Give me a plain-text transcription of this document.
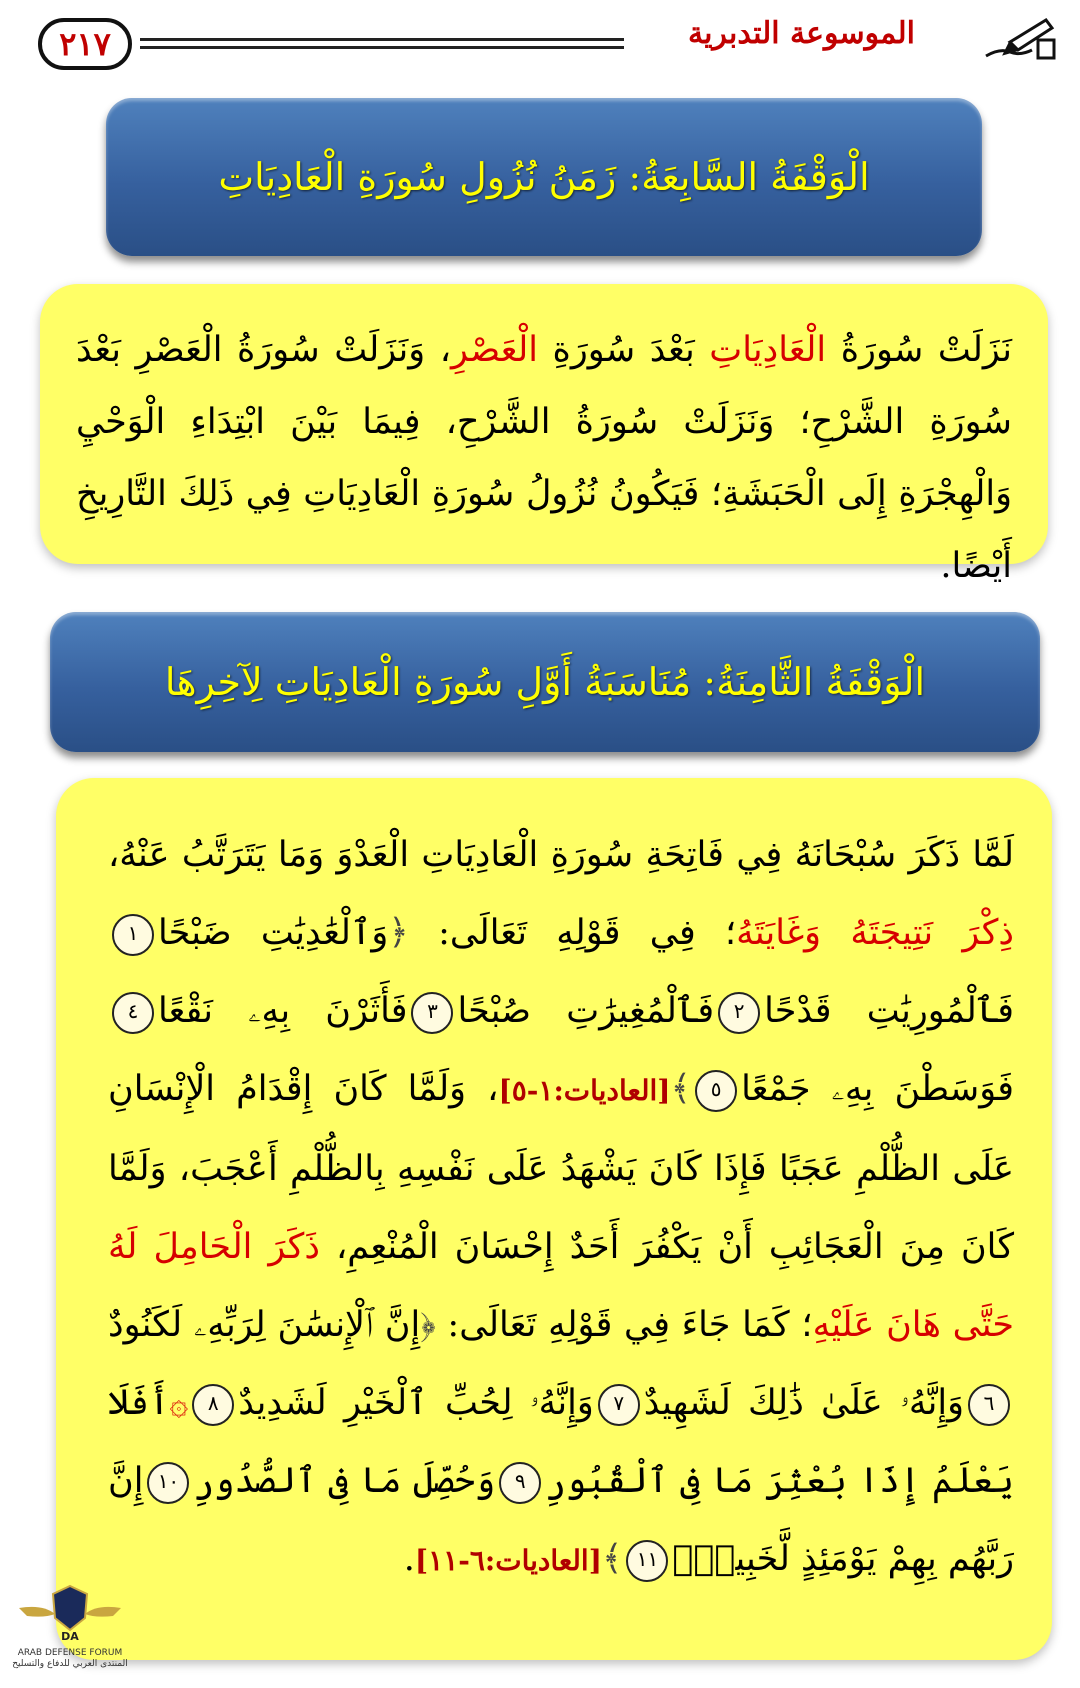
٢١٧	الموسوعة التدبرية
الْوَقْفَةُ السَّابِعَةُ: زَمَنُ نُزُولِ سُورَةِ الْعَادِيَاتِ
نَزَلَتْ سُورَةُ الْعَادِيَاتِ بَعْدَ سُورَةِ الْعَصْرِ، وَنَزَلَتْ سُورَةُ الْعَصْرِ بَعْدَ سُورَةِ الشَّرْحِ؛ وَنَزَلَتْ سُورَةُ الشَّرْحِ، فِيمَا بَيْنَ ابْتِدَاءِ الْوَحْيِ وَالْهِجْرَةِ إِلَى الْحَبَشَةِ؛ فَيَكُونُ نُزُولُ سُورَةِ الْعَادِيَاتِ فِي ذَلِكَ التَّارِيخِ أَيْضًا.
الْوَقْفَةُ الثَّامِنَةُ: مُنَاسَبَةُ أَوَّلِ سُورَةِ الْعَادِيَاتِ لِآخِرِهَا
لَمَّا ذَكَرَ سُبْحَانَهُ فِي فَاتِحَةِ سُورَةِ الْعَادِيَاتِ الْعَدْوَ وَمَا يَتَرَتَّبُ عَنْهُ، ذِكْرَ نَتِيجَتَهُ وَغَايَتَهُ؛ فِي قَوْلِهِ تَعَالَى: ﴿وَٱلْعَٰدِيَٰتِ ضَبْحًا١فَٱلْمُورِيَٰتِ قَدْحًا٢فَٱلْمُغِيرَٰتِ صُبْحًا٣فَأَثَرْنَ بِهِۦ نَقْعًا٤فَوَسَطْنَ بِهِۦ جَمْعًا٥﴾[العاديات:١-٥]، وَلَمَّا كَانَ إِقْدَامُ الْإِنْسَانِ عَلَى الظُّلْمِ عَجَبًا فَإِذَا كَانَ يَشْهَدُ عَلَى نَفْسِهِ بِالظُّلْمِ أَعْجَبَ، وَلَمَّا كَانَ مِنَ الْعَجَائِبِ أَنْ يَكْفُرَ أَحَدٌ إِحْسَانَ الْمُنْعِمِ، ذَكَرَ الْحَامِلَ لَهُ حَتَّى هَانَ عَلَيْهِ؛ كَمَا جَاءَ فِي قَوْلِهِ تَعَالَى: ﴿إِنَّ ٱلْإِنسَٰنَ لِرَبِّهِۦ لَكَنُودٌ٦وَإِنَّهُۥ عَلَىٰ ذَٰلِكَ لَشَهِيدٌ٧وَإِنَّهُۥ لِحُبِّ ٱلْخَيْرِ لَشَدِيدٌ٨۞أَفَلَا يَعْلَمُ إِذَا بُعْثِرَ مَا فِى ٱلْقُبُورِ٩وَحُصِّلَ مَا فِى ٱلصُّدُورِ١٠إِنَّ رَبَّهُم بِهِمْ يَوْمَئِذٍ لَّخَبِيرٌۢ١١﴾[العاديات:٦-١١].
DA
ARAB DEFENSE FORUM
المنتدى العربي للدفاع والتسليح
